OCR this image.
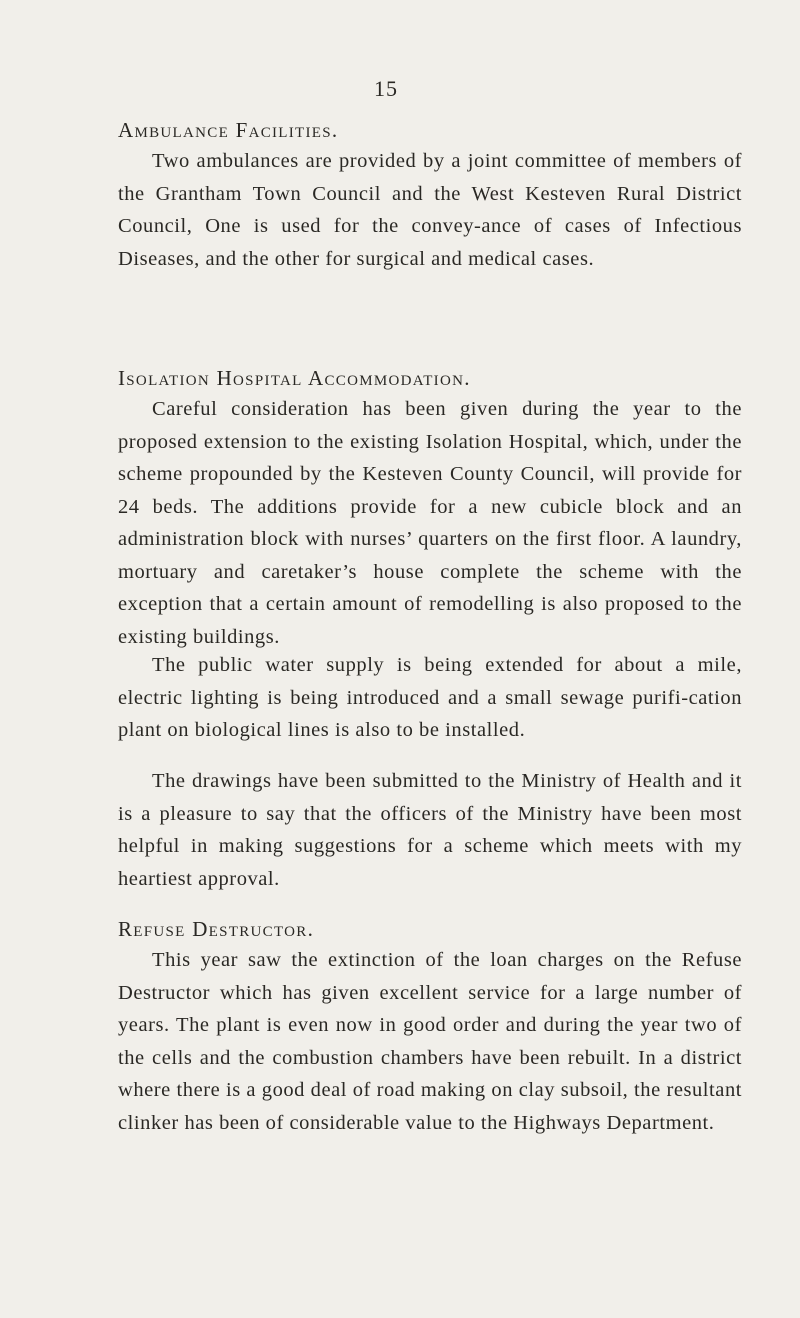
15
Ambulance Facilities.

Two ambulances are provided by a joint committee of members of the Grantham Town Council and the West Kesteven Rural District Council, One is used for the convey-ance of cases of Infectious Diseases, and the other for surgical and medical cases.

Isolation Hospital Accommodation.

Careful consideration has been given during the year to the proposed extension to the existing Isolation Hospital, which, under the scheme propounded by the Kesteven County Council, will provide for 24 beds. The additions provide for a new cubicle block and an administration block with nurses’ quarters on the first floor. A laundry, mortuary and caretaker’s house complete the scheme with the exception that a certain amount of remodelling is also proposed to the existing buildings.

The public water supply is being extended for about a mile, electric lighting is being introduced and a small sewage purifi-cation plant on biological lines is also to be installed.

The drawings have been submitted to the Ministry of Health and it is a pleasure to say that the officers of the Ministry have been most helpful in making suggestions for a scheme which meets with my heartiest approval.

Refuse Destructor.

This year saw the extinction of the loan charges on the Refuse Destructor which has given excellent service for a large number of years. The plant is even now in good order and during the year two of the cells and the combustion chambers have been rebuilt. In a district where there is a good deal of road making on clay subsoil, the resultant clinker has been of considerable value to the Highways Department.
